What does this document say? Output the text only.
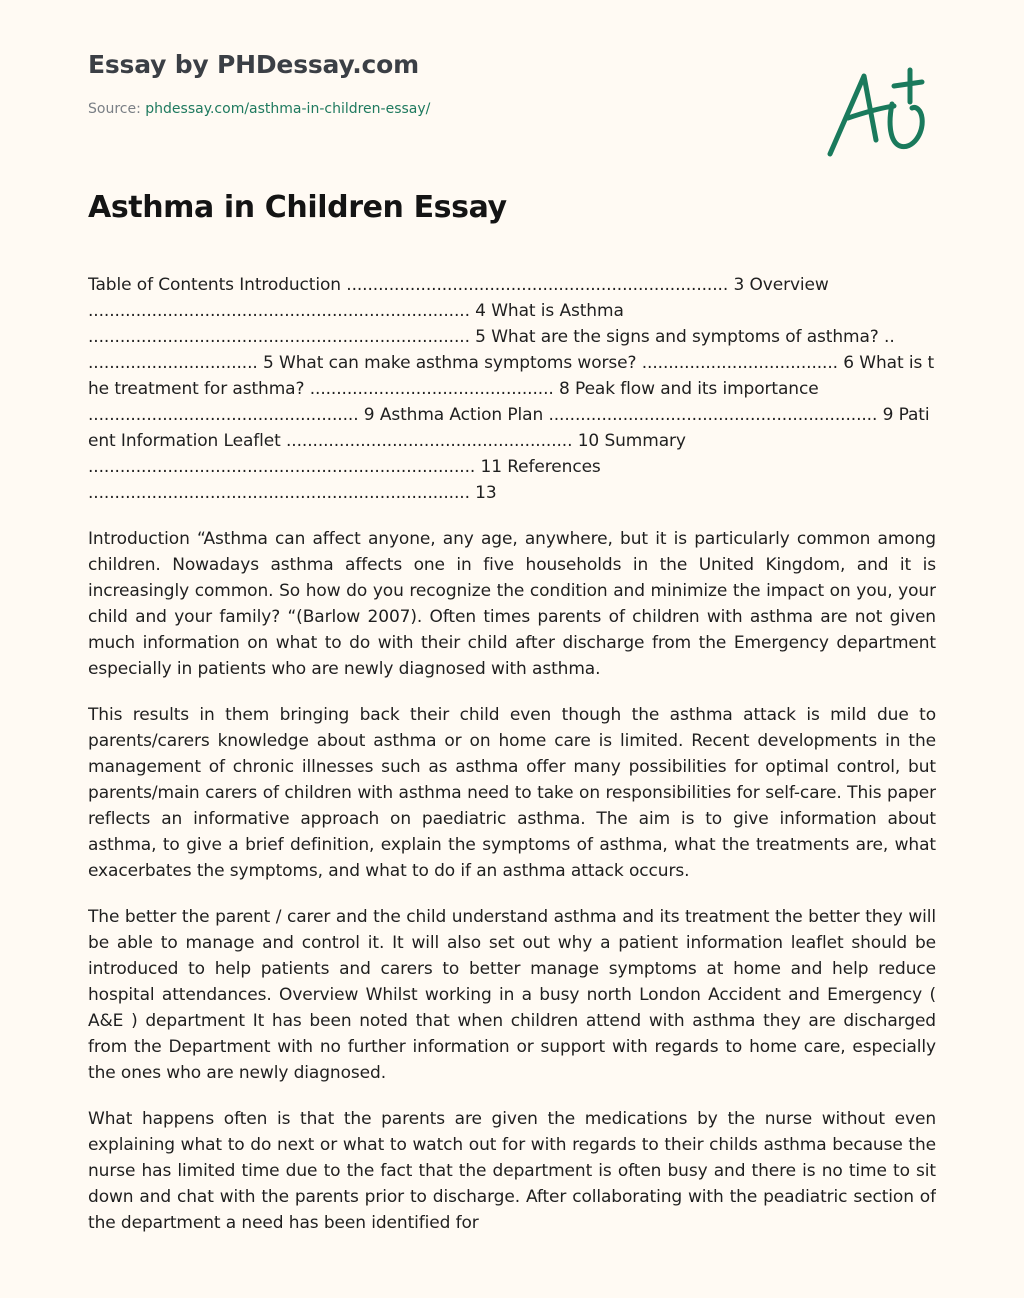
Essay by PHDessay.com
Source: phdessay.com/asthma-in-children-essay/
Asthma in Children Essay

Table of Contents Introduction ........................................................................ 3 Overview ........................................................................ 4 What is Asthma ........................................................................ 5 What are the signs and symptoms of asthma? .. ................................ 5 What can make asthma symptoms worse? ..................................... 6 What is the treatment for asthma? .............................................. 8 Peak flow and its importance ................................................... 9 Asthma Action Plan .............................................................. 9 Patient Information Leaflet ...................................................... 10 Summary ......................................................................... 11 References ........................................................................ 13

Introduction “Asthma can affect anyone, any age, anywhere, but it is particularly common among children. Nowadays asthma affects one in five households in the United Kingdom, and it is increasingly common. So how do you recognize the condition and minimize the impact on you, your child and your family? “(Barlow 2007). Often times parents of children with asthma are not given much information on what to do with their child after discharge from the Emergency department especially in patients who are newly diagnosed with asthma.

This results in them bringing back their child even though the asthma attack is mild due to parents/carers knowledge about asthma or on home care is limited. Recent developments in the management of chronic illnesses such as asthma offer many possibilities for optimal control, but parents/main carers of children with asthma need to take on responsibilities for self-care. This paper reflects an informative approach on paediatric asthma. The aim is to give information about asthma, to give a brief definition, explain the symptoms of asthma, what the treatments are, what exacerbates the symptoms, and what to do if an asthma attack occurs.

The better the parent / carer and the child understand asthma and its treatment the better they will be able to manage and control it. It will also set out why a patient information leaflet should be introduced to help patients and carers to better manage symptoms at home and help reduce hospital attendances. Overview Whilst working in a busy north London Accident and Emergency ( A&E ) department It has been noted that when children attend with asthma they are discharged from the Department with no further information or support with regards to home care, especially the ones who are newly diagnosed.

What happens often is that the parents are given the medications by the nurse without even explaining what to do next or what to watch out for with regards to their childs asthma because the nurse has limited time due to the fact that the department is often busy and there is no time to sit down and chat with the parents prior to discharge. After collaborating with the peadiatric section of the department a need has been identified for
